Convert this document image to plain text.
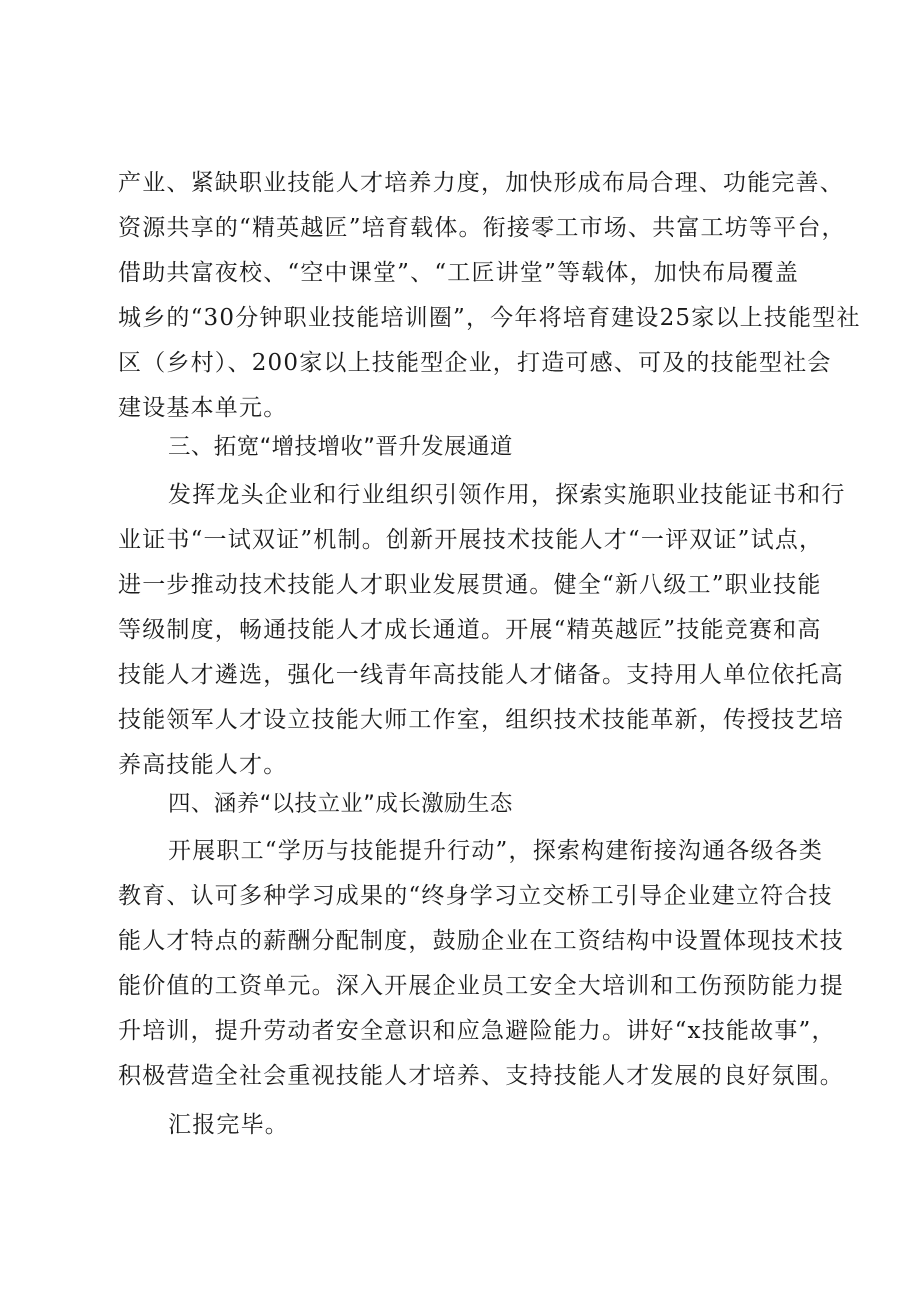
产业、紧缺职业技能人才培养力度，加快形成布局合理、功能完善、
资源共享的“精英越匠”培育载体。衔接零工市场、共富工坊等平台，
借助共富夜校、“空中课堂”、“工匠讲堂”等载体，加快布局覆盖
城乡的“30分钟职业技能培训圈”，今年将培育建设25家以上技能型社
区（乡村）、200家以上技能型企业，打造可感、可及的技能型社会
建设基本单元。
三、拓宽“增技增收”晋升发展通道
发挥龙头企业和行业组织引领作用，探索实施职业技能证书和行
业证书“一试双证”机制。创新开展技术技能人才“一评双证”试点，
进一步推动技术技能人才职业发展贯通。健全“新八级工”职业技能
等级制度，畅通技能人才成长通道。开展“精英越匠”技能竞赛和高
技能人才遴选，强化一线青年高技能人才储备。支持用人单位依托高
技能领军人才设立技能大师工作室，组织技术技能革新，传授技艺培
养高技能人才。
四、涵养“以技立业”成长激励生态
开展职工“学历与技能提升行动”，探索构建衔接沟通各级各类
教育、认可多种学习成果的“终身学习立交桥工引导企业建立符合技
能人才特点的薪酬分配制度，鼓励企业在工资结构中设置体现技术技
能价值的工资单元。深入开展企业员工安全大培训和工伤预防能力提
升培训，提升劳动者安全意识和应急避险能力。讲好“x技能故事”，
积极营造全社会重视技能人才培养、支持技能人才发展的良好氛围。
汇报完毕。
